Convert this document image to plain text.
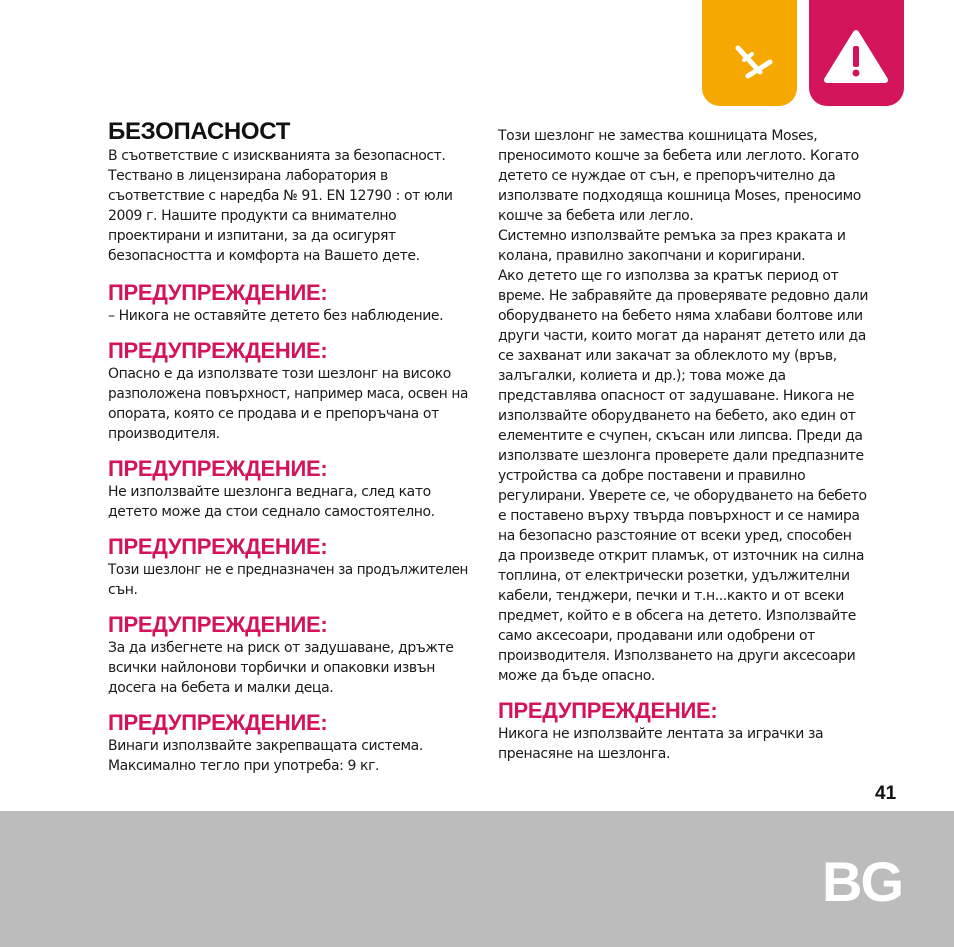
БЕЗОПАСНОСТ

В съответствие с изискванията за безопасност.
Тествано в лицензирана лаборатория в
съответствие с наредба № 91. EN 12790 : от юли
2009 г. Нашите продукти са внимателно
проектирани и изпитани, за да осигурят
безопасността и комфорта на Вашето дете.

ПРЕДУПРЕЖДЕНИЕ:

– Никога не оставяйте детето без наблюдение.

ПРЕДУПРЕЖДЕНИЕ:

Опасно е да използвате този шезлонг на високо
разположена повърхност, например маса, освен на
опората, която се продава и е препоръчана от
производителя.

ПРЕДУПРЕЖДЕНИЕ:

Не използвайте шезлонга веднага, след като
детето може да стои седнало самостоятелно.

ПРЕДУПРЕЖДЕНИЕ:

Този шезлонг не е предназначен за продължителен
сън.

ПРЕДУПРЕЖДЕНИЕ:

За да избегнете на риск от задушаване, дръжте
всички найлонови торбички и опаковки извън
досега на бебета и малки деца.

ПРЕДУПРЕЖДЕНИЕ:

Винаги използвайте закрепващата система.
Максимално тегло при употреба: 9 кг.

Този шезлонг не замества кошницата Moses,
преносимото кошче за бебета или леглото. Когато
детето се нуждае от сън, е препоръчително да
използвате подходяща кошница Moses, преносимо
кошче за бебета или легло.
Системно използвайте ремъка за през краката и
колана, правилно закопчани и коригирани.
Ако детето ще го използва за кратък период от
време. Не забравяйте да проверявате редовно дали
оборудването на бебето няма хлабави болтове или
други части, които могат да наранят детето или да
се захванат или закачат за облеклото му (връв,
залъгалки, колиета и др.); това може да
представлява опасност от задушаване. Никога не
използвайте оборудването на бебето, ако един от
елементите е счупен, скъсан или липсва. Преди да
използвате шезлонга проверете дали предпазните
устройства са добре поставени и правилно
регулирани. Уверете се, че оборудването на бебето
е поставено върху твърда повърхност и се намира
на безопасно разстояние от всеки уред, способен
да произведе открит пламък, от източник на силна
топлина, от електрически розетки, удължителни
кабели, тенджери, печки и т.н...както и от всеки
предмет, който е в обсега на детето. Използвайте
само аксесоари, продавани или одобрени от
производителя. Използването на други аксесоари
може да бъде опасно.

ПРЕДУПРЕЖДЕНИЕ:

Никога не използвайте лентата за играчки за
пренасяне на шезлонга.

41
BG
